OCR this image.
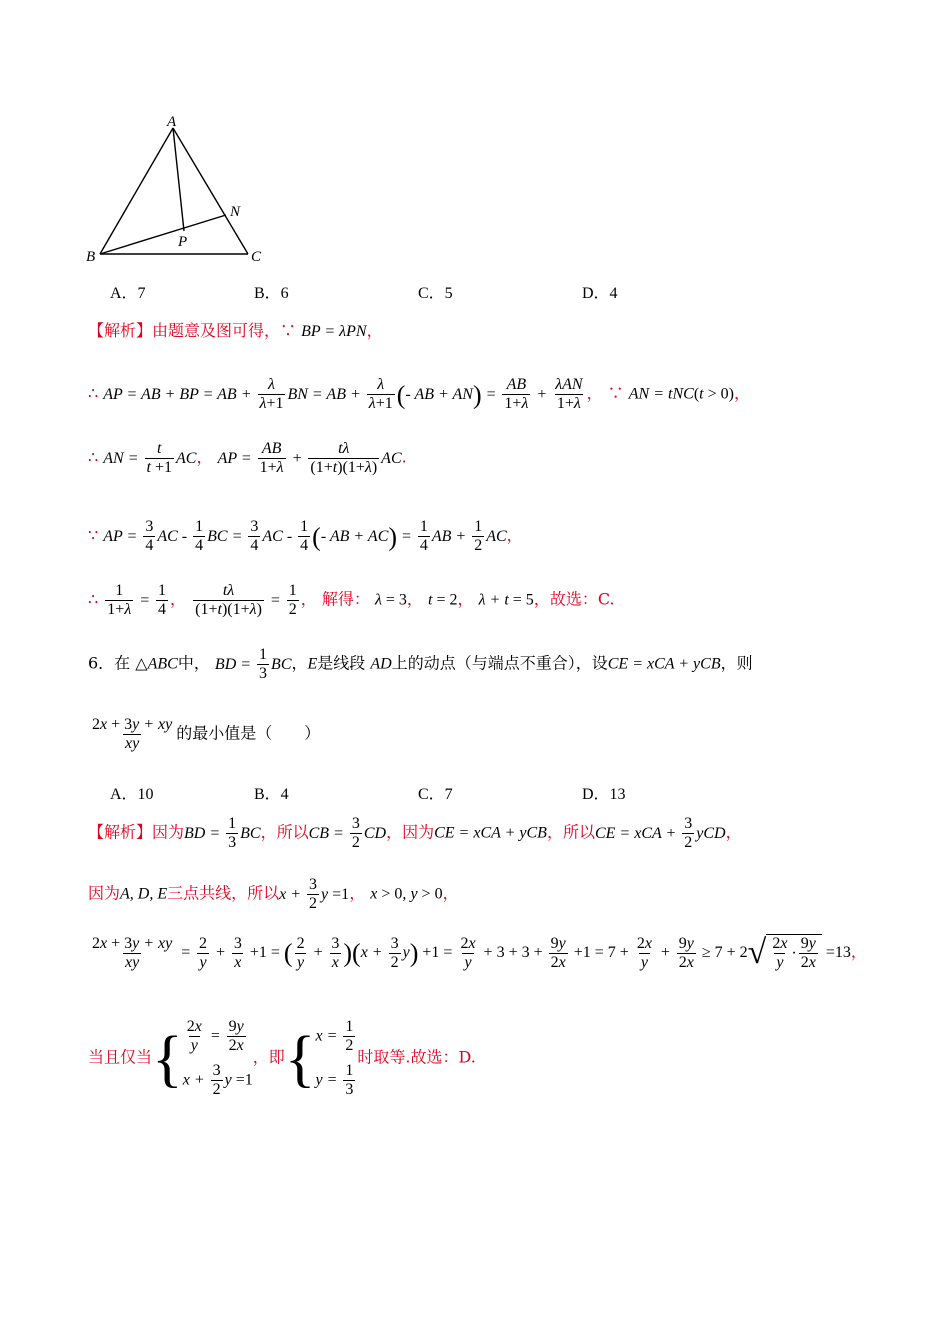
A
B	C
N
P
A．7	B．6	C．5	D．4
【解析】由题意及图可得，∵ BP = λPN，
∴ AP = AB + BP = AB + $\frac{\lambda}{\lambda+1}$ BN = AB + $\frac{\lambda}{\lambda+1}$ (- AB + $AN) = \frac{AB}{1+\lambda} + \frac{\text{λAN}}{1+\lambda}$ ， ∵ AN = tNC(t > 0)，
∴ AN = $\frac{t}{t +1}$ AC， AP = $\frac{AB}{1+\lambda} + \frac{t\lambda}{(1+t)(1+\lambda)}$ AC.
∵ AP = $\frac{3}{4}$ AC - $\frac{1}{4}$ BC = $\frac{3}{4}$ AC - $\frac{1}{4}$ (- AB + $AC) = \frac{1}{4}$ AB + $\frac{1}{2}$ AC，
∴ $\frac{1}{1+\lambda} = \frac{1}{4}$ ， $\frac{t\lambda}{(1+t)(1+\lambda)} = \frac{1}{2}$ ， 解得： λ = 3， t = 2， λ + t = 5，故选：C.
6．在 △ABC中， BD = $\frac{1}{3}$ BC，E是线段 AD上的动点（与端点不重合），设CE = xCA + yCB，则
$\frac{2x + 3y + xy}{xy}$ 的最小值是（　　）
A．10	B．4	C．7	D．13
【解析】因为BD = $\frac{1}{3}$ BC，所以CB = $\frac{3}{2}$ CD，因为CE = xCA + yCB，所以CE = xCA + $\frac{3}{2}$ yCD，
因为A, D, E三点共线，所以$x + \frac{3}{2}$ y =1， x > 0, y > 0，
$\frac{2x + 3y + xy}{xy} = \frac{2}{y} + \frac{3}{x} +1$ = ( $\frac{2}{y} + \frac{3}{x} )(x + \frac{3}{2} y) +1 = \frac{2x}{y} + 3 + 3 + \frac{9y}{2x} +1 = 7 + \frac{2x}{y} + \frac{9y}{2x} \ge 7 + 2$ √ $\frac{2x}{y} \cdot \frac{9y}{2x} =13$，
当且仅当{ $\frac{2x}{y} = \frac{9y}{2x}$
$x + \frac{3}{2}$ y =1
，即{ $x = \frac{1}{2}$
$y = \frac{1}{3}$
时取等.故选：D.
